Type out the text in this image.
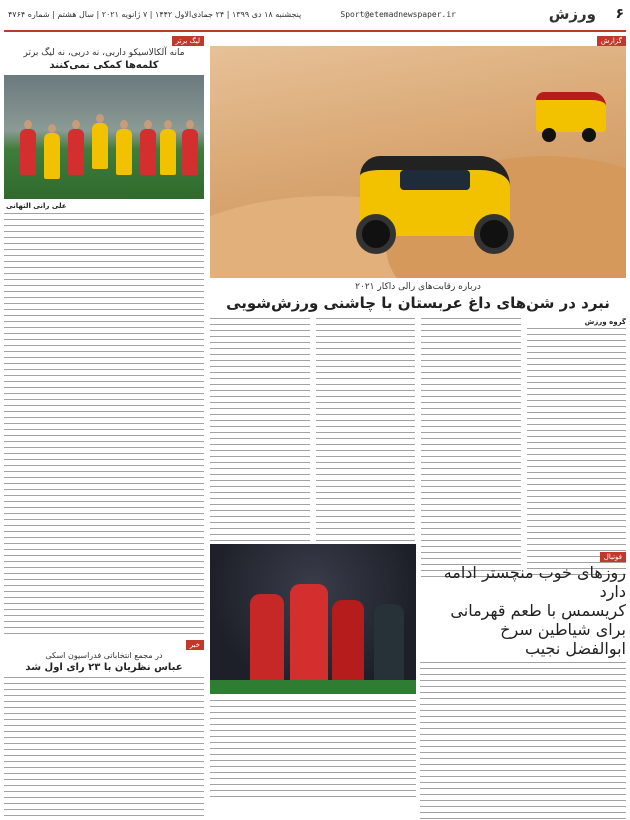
۶
ورزش
Sport@etemadnewspaper.ir
پنجشنبه ۱۸ دی ۱۳۹۹ | ۲۴ جمادی‌الاول ۱۴۴۲ | ۷ ژانویه ۲۰۲۱ | سال هشتم | شماره ۴۷۶۴
لیگ برتر
مانه آلکالاسیکو داربی، نه دربی، نه لیگ برتر
کلمه‌ها کمکی نمی‌کنند
علی رانی التهانی
خبر
در مجمع انتخاباتی فدراسیون اسکی
عباس نظریان با ۲۳ رای اول شد
گزارش
درباره رقابت‌های رالی داکار ۲۰۲۱
نبرد در شن‌های داغ عربستان با چاشنی ورزش‌شویی
گروه ورزش
فوتبال
روزهای خوب منچستر ادامه دارد
کریسمس با طعم قهرمانی برای شیاطین سرخ
ابوالفضل نجیب
